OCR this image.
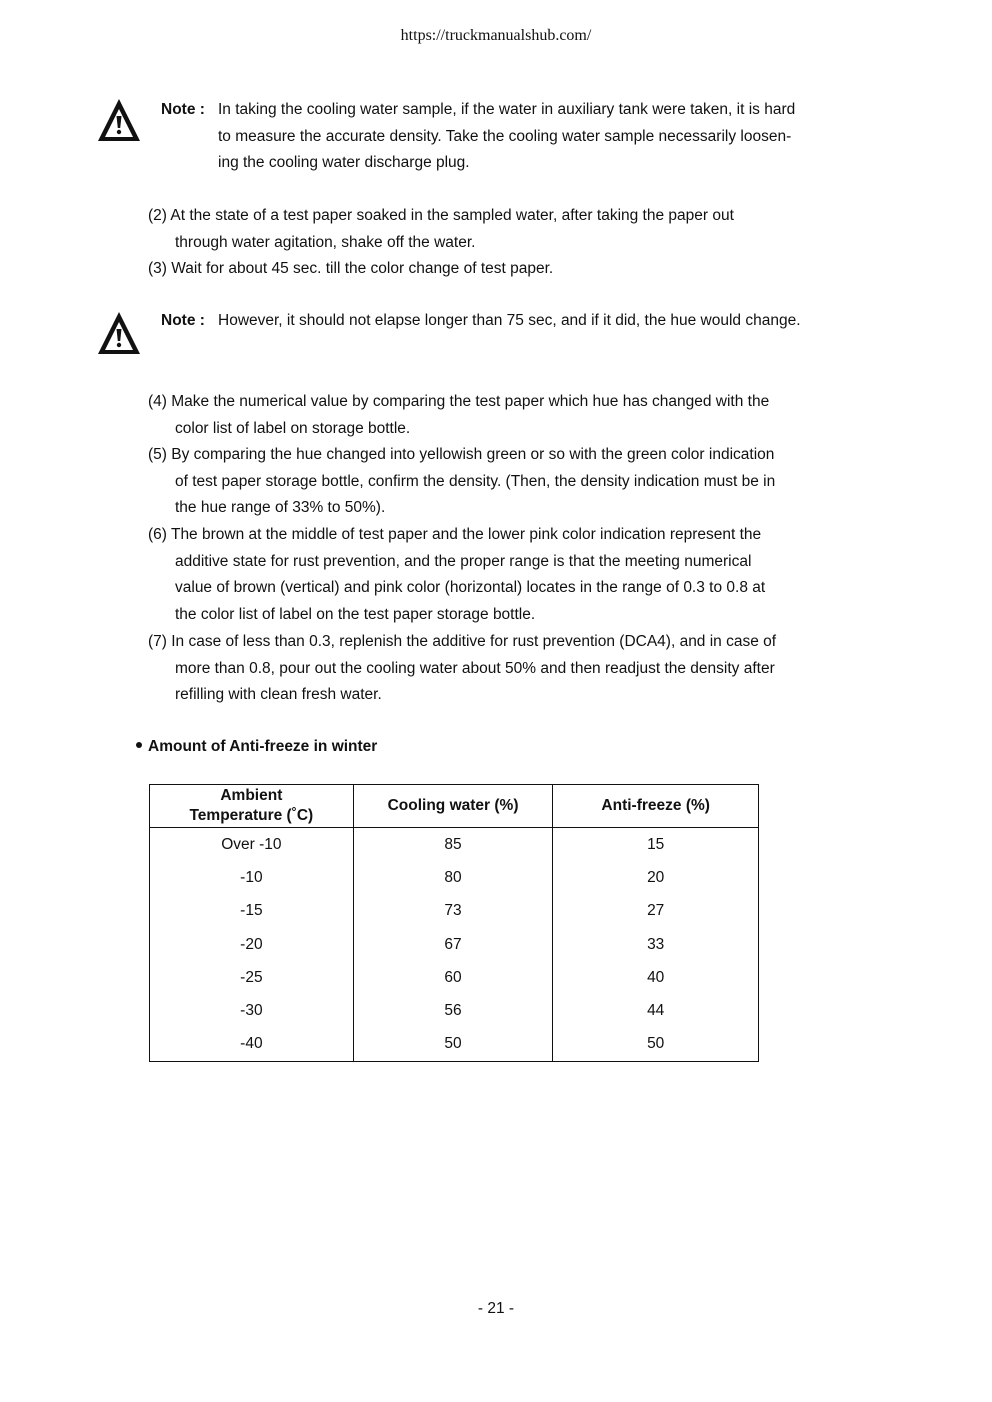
https://truckmanualshub.com/
Note : In taking the cooling water sample, if the water in auxiliary tank were taken, it is hard
to measure the accurate density. Take the cooling water sample necessarily loosen-
ing the cooling water discharge plug.
(2) At the state of a test paper soaked in the sampled water, after taking the paper out
through water agitation, shake off the water.
(3) Wait for about 45 sec. till the color change of test paper.
Note : However, it should not elapse longer than 75 sec, and if it did, the hue would change.
(4) Make the numerical value by comparing the test paper which hue has changed with the
color list of label on storage bottle.
(5) By comparing the hue changed into yellowish green or so with the green color indication
of test paper storage bottle, confirm the density. (Then, the density indication must be in
the hue range of 33% to 50%).
(6) The brown at the middle of test paper and the lower pink color indication represent the
additive state for rust prevention, and the proper range is that the meeting numerical
value of brown (vertical) and pink color (horizontal) locates in the range of 0.3 to 0.8 at
the color list of label on the test paper storage bottle.
(7) In case of less than 0.3, replenish the additive for rust prevention (DCA4), and in case of
more than 0.8, pour out the cooling water about 50% and then readjust the density after
refilling with clean fresh water.
Amount of Anti-freeze in winter
Ambient
Temperature (˚C)	Cooling water (%)	Anti-freeze (%)
Over -10	85	15
-10	80	20
-15	73	27
-20	67	33
-25	60	40
-30	56	44
-40	50	50
- 21 -
